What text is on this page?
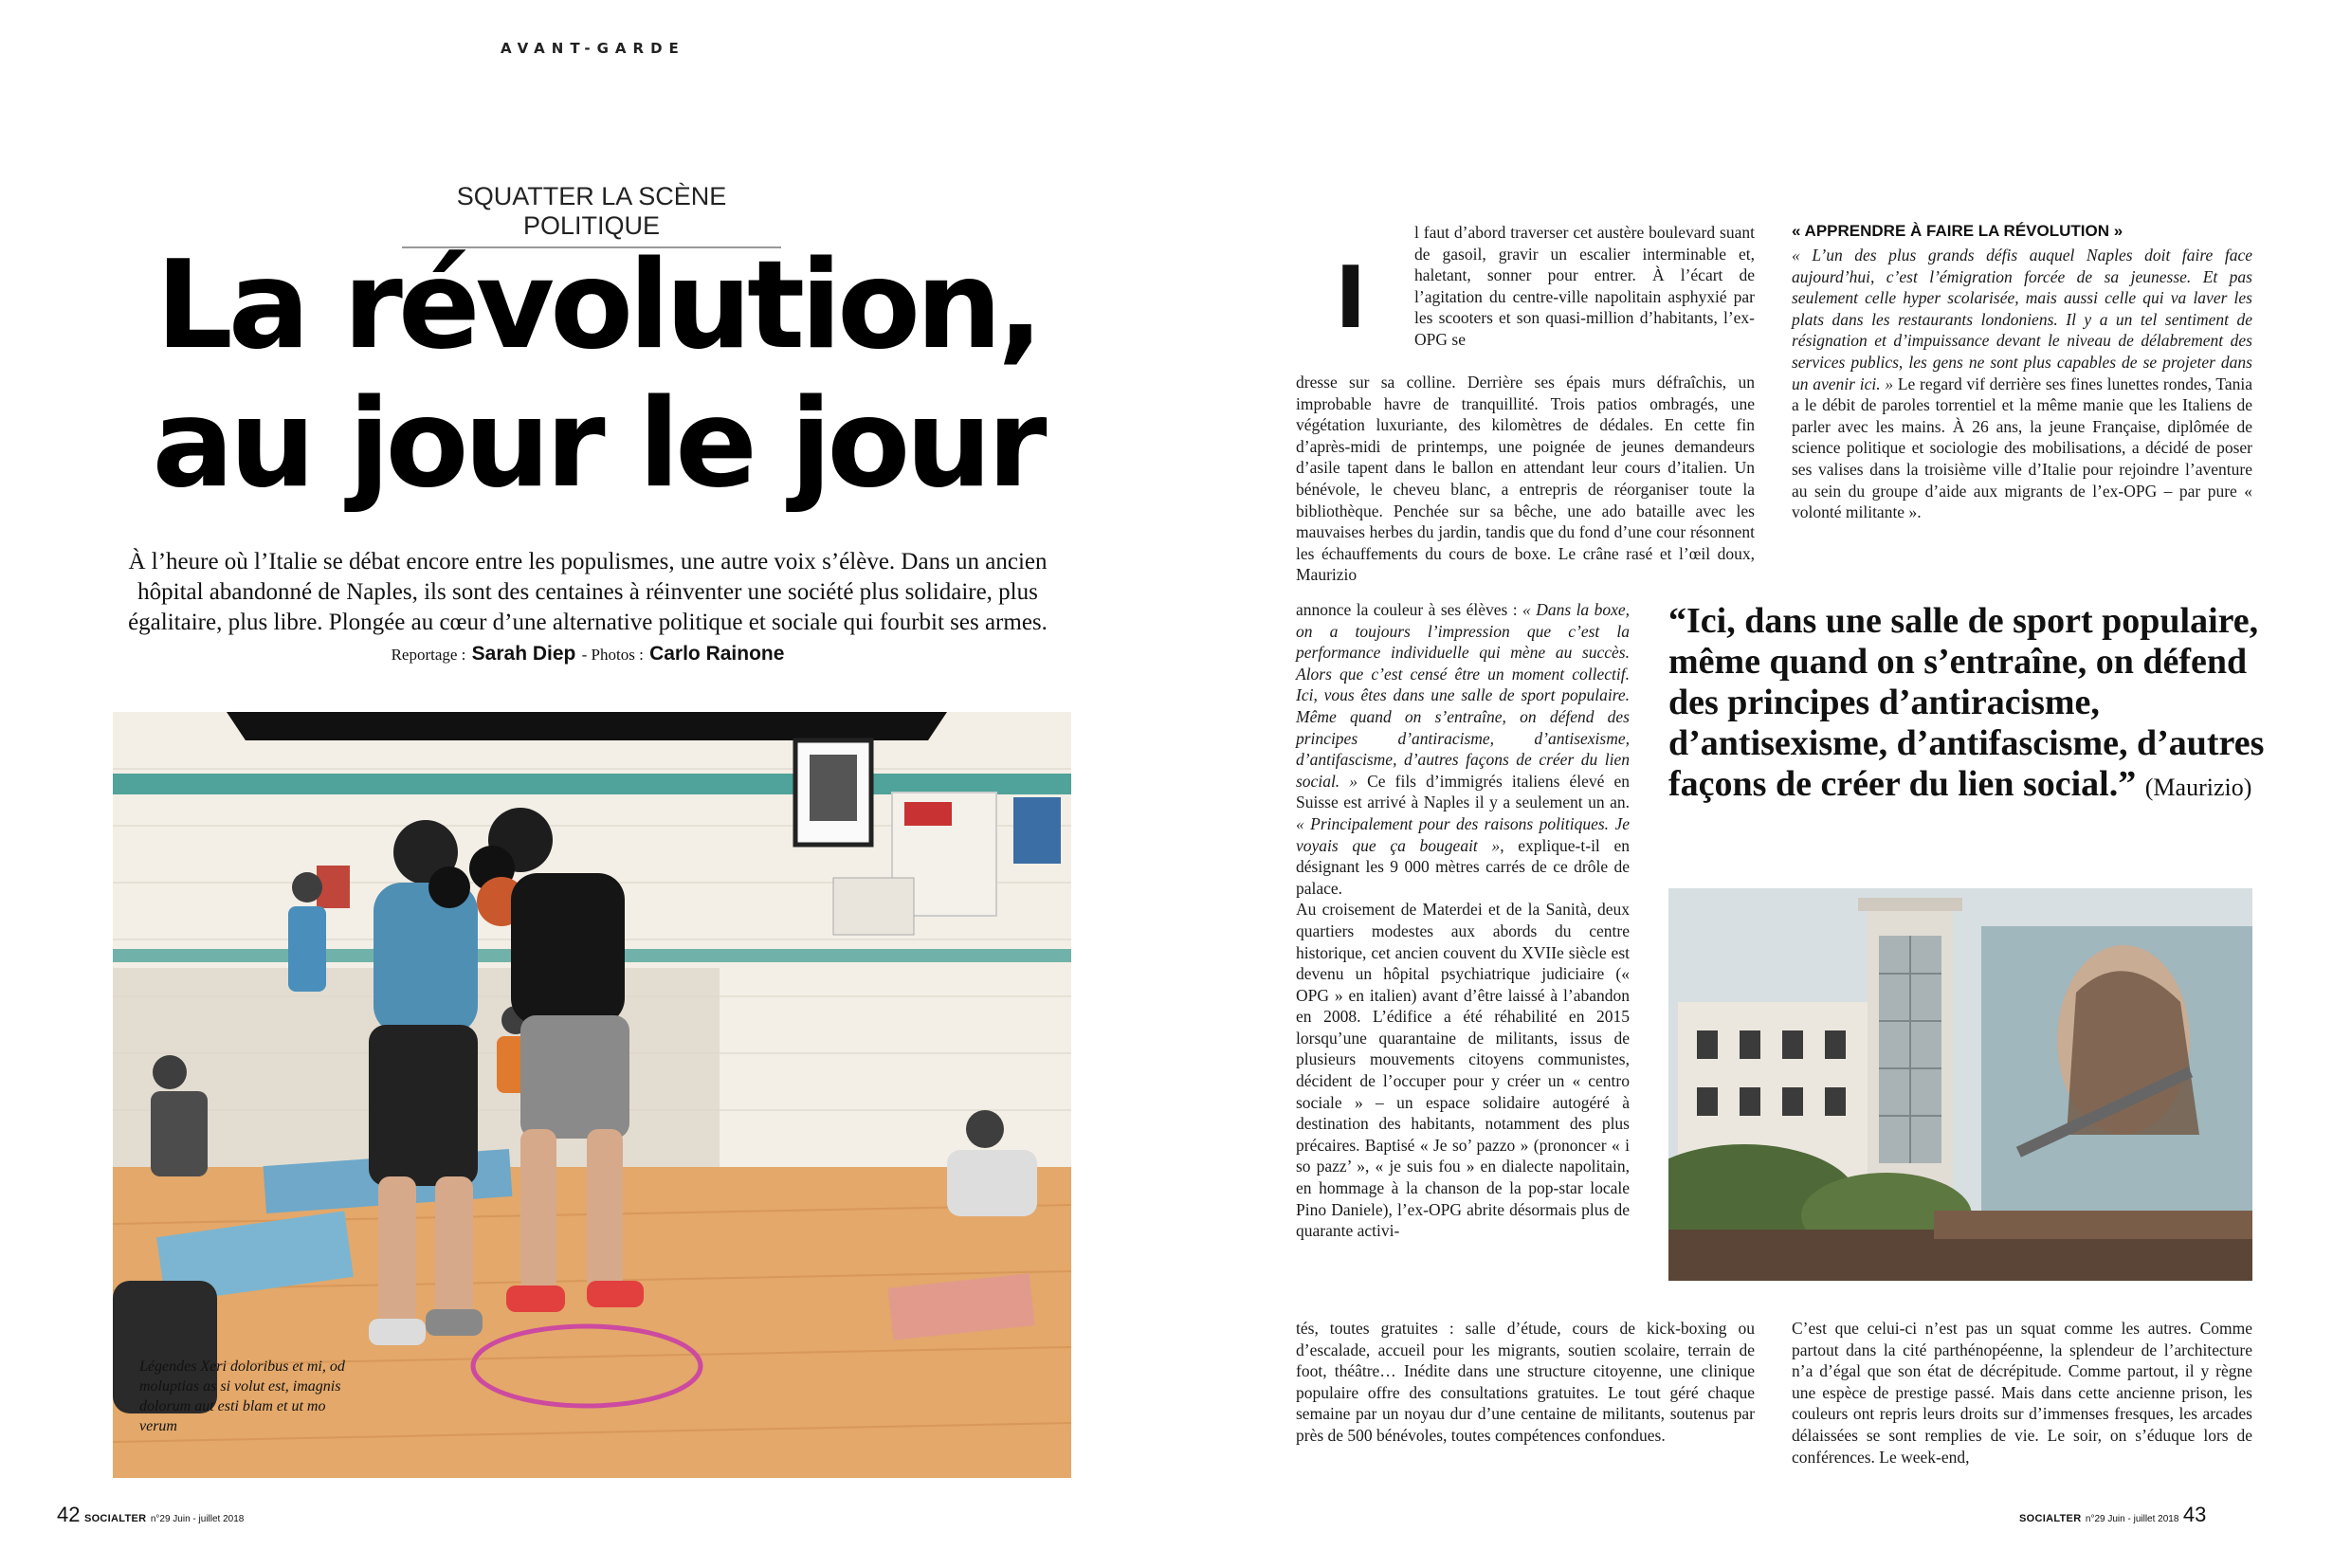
AVANT-GARDE
SQUATTER LA SCÈNE POLITIQUE
La révolution,
au jour le jour
À l’heure où l’Italie se débat encore entre les populismes, une autre voix s’élève. Dans un ancien hôpital abandonné de Naples, ils sont des centaines à réinventer une société plus solidaire, plus égalitaire, plus libre. Plongée au cœur d’une alternative politique et sociale qui fourbit ses armes. Reportage : Sarah Diep - Photos : Carlo Rainone
Légendes Xeri doloribus et mi, od moluptias as si volut est, imagnis dolorum aut esti blam et ut mo verum
I

l faut d’abord traverser cet austère boulevard suant de gasoil, gravir un escalier interminable et, haletant, sonner pour entrer. À l’écart de l’agitation du centre-ville napolitain asphyxié par les scooters et son quasi-million d’habitants, l’ex-OPG se

dresse sur sa colline. Derrière ses épais murs défraîchis, un improbable havre de tranquillité. Trois patios ombragés, une végétation luxuriante, des kilomètres de dédales. En cette fin d’après-midi de printemps, une poignée de jeunes demandeurs d’asile tapent dans le ballon en attendant leur cours d’italien. Un bénévole, le cheveu blanc, a entrepris de réorganiser toute la bibliothèque. Penchée sur sa bêche, une ado bataille avec les mauvaises herbes du jardin, tandis que du fond d’une cour résonnent les échauffements du cours de boxe. Le crâne rasé et l’œil doux, Maurizio

annonce la couleur à ses élèves : « Dans la boxe, on a toujours l’impression que c’est la performance individuelle qui mène au succès. Alors que c’est censé être un moment collectif. Ici, vous êtes dans une salle de sport populaire. Même quand on s’entraîne, on défend des principes d’antiracisme, d’antisexisme, d’antifascisme, d’autres façons de créer du lien social. » Ce fils d’immigrés italiens élevé en Suisse est arrivé à Naples il y a seulement un an. « Principalement pour des raisons politiques. Je voyais que ça bougeait », explique-t-il en désignant les 9 000 mètres carrés de ce drôle de palace.

Au croisement de Materdei et de la Sanità, deux quartiers modestes aux abords du centre historique, cet ancien couvent du XVIIe siècle est devenu un hôpital psychiatrique judiciaire (« OPG » en italien) avant d’être laissé à l’abandon en 2008. L’édifice a été réhabilité en 2015 lorsqu’une quarantaine de militants, issus de plusieurs mouvements citoyens communistes, décident de l’occuper pour y créer un « centro sociale » – un espace solidaire autogéré à destination des habitants, notamment des plus précaires. Baptisé « Je so’ pazzo » (prononcer « i so pazz’ », « je suis fou » en dialecte napolitain, en hommage à la chanson de la pop-star locale Pino Daniele), l’ex-OPG abrite désormais plus de quarante activi-

tés, toutes gratuites : salle d’étude, cours de kick-boxing ou d’escalade, accueil pour les migrants, soutien scolaire, terrain de foot, théâtre… Inédite dans une structure citoyenne, une clinique populaire offre des consultations gratuites. Le tout géré chaque semaine par un noyau dur d’une centaine de militants, soutenus par près de 500 bénévoles, toutes compétences confondues.

« APPRENDRE À FAIRE LA RÉVOLUTION »

« L’un des plus grands défis auquel Naples doit faire face aujourd’hui, c’est l’émigration forcée de sa jeunesse. Et pas seulement celle hyper scolarisée, mais aussi celle qui va laver les plats dans les restaurants londoniens. Il y a un tel sentiment de résignation et d’impuissance devant le niveau de délabrement des services publics, les gens ne sont plus capables de se projeter dans un avenir ici. » Le regard vif derrière ses fines lunettes rondes, Tania a le débit de paroles torrentiel et la même manie que les Italiens de parler avec les mains. À 26 ans, la jeune Française, diplômée de science politique et sociologie des mobilisations, a décidé de poser ses valises dans la troisième ville d’Italie pour rejoindre l’aventure au sein du groupe d’aide aux migrants de l’ex-OPG – par pure « volonté militante ».

“Ici, dans une salle de sport populaire, même quand on s’entraîne, on défend des principes d’antiracisme, d’antisexisme, d’antifascisme, d’autres façons de créer du lien social.” (Maurizio)

C’est que celui-ci n’est pas un squat comme les autres. Comme partout dans la cité parthénopéenne, la splendeur de l’architecture n’a d’égal que son état de décrépitude. Comme partout, il y règne une espèce de prestige passé. Mais dans cette ancienne prison, les couleurs ont repris leurs droits sur d’immenses fresques, les arcades délaissées se sont remplies de vie. Le soir, on s’éduque lors de conférences. Le week-end,

42 SOCIALTER n°29 Juin - juillet 2018	SOCIALTER n°29 Juin - juillet 2018 43
